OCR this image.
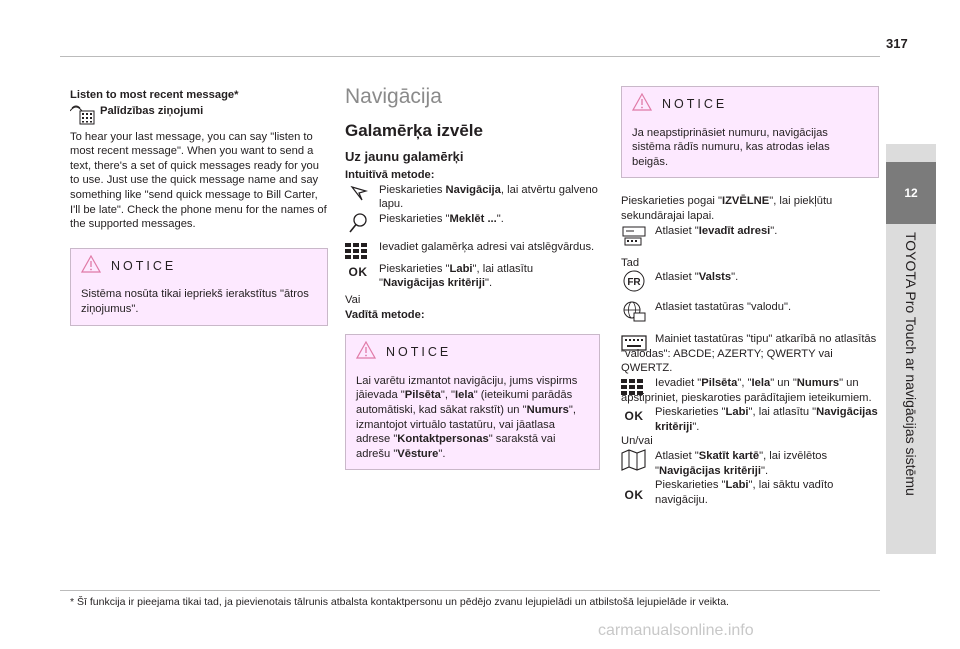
317
12
TOYOTA Pro Touch ar navigācijas sistēmu

Listen to most recent message*

Palīdzības ziņojumi

To hear your last message, you can say "listen to most recent message". When you want to send a text, there's a set of quick messages ready for you to use. Just use the quick message name and say something like "send quick message to Bill Carter, I'll be late". Check the phone menu for the names of the supported messages.

NOTICE

Sistēma nosūta tikai iepriekš ierakstītus "ātros ziņojumus".

Navigācija

Galamērķa izvēle

Uz jaunu galamērķi

Intuitīvā metode:

Pieskarieties Navigācija, lai atvērtu galveno lapu.

Pieskarieties "Meklēt ...".

Ievadiet galamērķa adresi vai atslēgvārdus.

OK	Pieskarieties "Labi", lai atlasītu "Navigācijas kritēriji".

Vai

Vadītā metode:

NOTICE

Lai varētu izmantot navigāciju, jums vispirms jāievada "Pilsēta", "Iela" (ieteikumi parādās automātiski, kad sākat rakstīt) un "Numurs", izmantojot virtuālo tastatūru, vai jāatlasa adrese "Kontaktpersonas" sarakstā vai adrešu "Vēsture".

NOTICE

Ja neapstiprināsiet numuru, navigācijas sistēma rādīs numuru, kas atrodas ielas beigās.

Pieskarieties pogai "IZVĒLNE", lai piekļūtu sekundārajai lapai.

Atlasiet "Ievadīt adresi".

Tad

FR Atlasiet "Valsts".

Atlasiet tastatūras "valodu".

Mainiet tastatūras "tipu" atkarībā no atlasītās "valodas": ABCDE; AZERTY; QWERTY vai QWERTZ.

Ievadiet "Pilsēta", "Iela" un "Numurs" un apstipriniet, pieskaroties parādītajiem ieteikumiem.

OK	Pieskarieties "Labi", lai atlasītu "Navigācijas kritēriji".

Un/vai

Atlasiet "Skatīt kartē", lai izvēlētos "Navigācijas kritēriji".

OK

Pieskarieties "Labi", lai sāktu vadīto navigāciju.

* Šī funkcija ir pieejama tikai tad, ja pievienotais tālrunis atbalsta kontaktpersonu un pēdējo zvanu lejupielādi un atbilstošā lejupielāde ir veikta.

carmanualsonline.info
